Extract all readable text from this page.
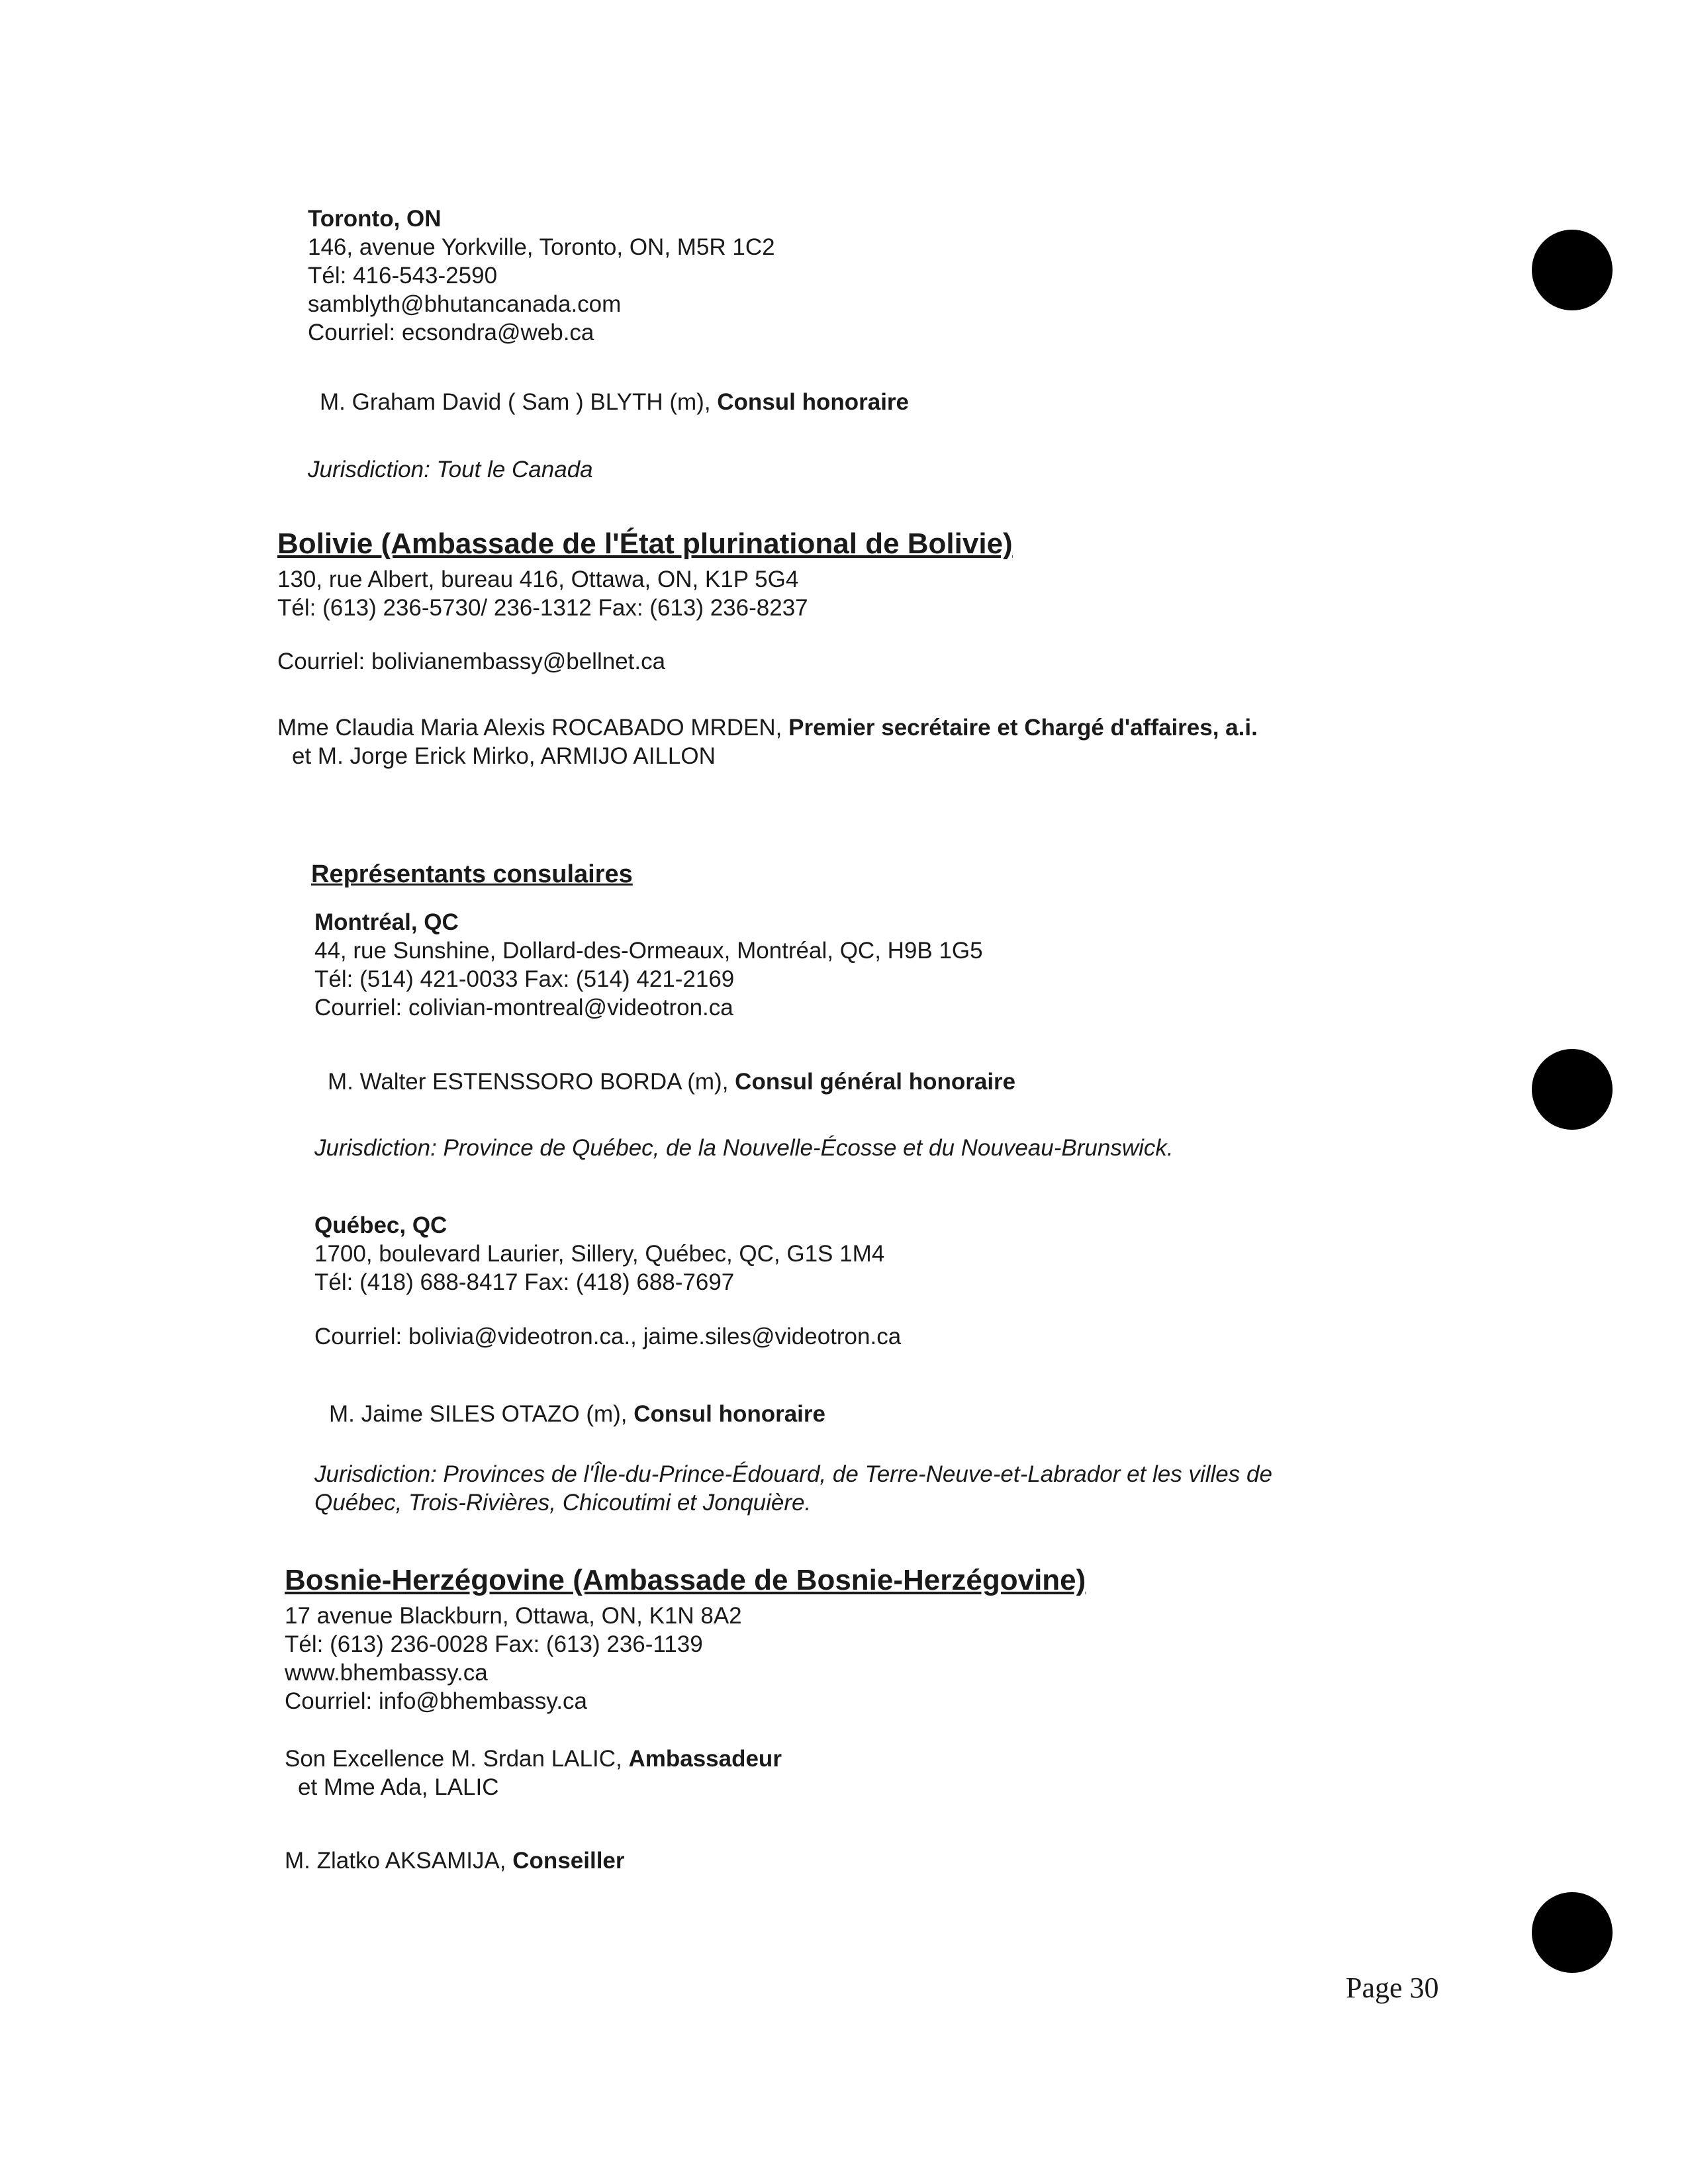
Toronto, ON

146, avenue Yorkville, Toronto, ON, M5R 1C2

Tél: 416-543-2590

samblyth@bhutancanada.com

Courriel: ecsondra@web.ca

M. Graham David ( Sam ) BLYTH (m), Consul honoraire
Jurisdiction: Tout le Canada
Bolivie (Ambassade de l'État plurinational de Bolivie)

130, rue Albert, bureau 416, Ottawa, ON, K1P 5G4

Tél: (613) 236-5730/ 236-1312 Fax: (613) 236-8237

Courriel: bolivianembassy@bellnet.ca
Mme Claudia Maria Alexis ROCABADO MRDEN, Premier secrétaire et Chargé d'affaires, a.i.
et M. Jorge Erick Mirko, ARMIJO AILLON
Représentants consulaires

Montréal, QC

44, rue Sunshine, Dollard-des-Ormeaux, Montréal, QC, H9B 1G5

Tél: (514) 421-0033 Fax: (514) 421-2169

Courriel: colivian-montreal@videotron.ca

M. Walter ESTENSSORO BORDA (m), Consul général honoraire
Jurisdiction: Province de Québec, de la Nouvelle-Écosse et du Nouveau-Brunswick.

Québec, QC

1700, boulevard Laurier, Sillery, Québec, QC, G1S 1M4

Tél: (418) 688-8417 Fax: (418) 688-7697

Courriel: bolivia@videotron.ca., jaime.siles@videotron.ca
M. Jaime SILES OTAZO (m), Consul honoraire

Jurisdiction: Provinces de l'Île-du-Prince-Édouard, de Terre-Neuve-et-Labrador et les villes de

Québec, Trois-Rivières, Chicoutimi et Jonquière.

Bosnie-Herzégovine (Ambassade de Bosnie-Herzégovine)

17 avenue Blackburn, Ottawa, ON, K1N 8A2

Tél: (613) 236-0028 Fax: (613) 236-1139

www.bhembassy.ca

Courriel: info@bhembassy.ca

Son Excellence M. Srdan LALIC, Ambassadeur
et Mme Ada, LALIC
M. Zlatko AKSAMIJA, Conseiller
Page 30
